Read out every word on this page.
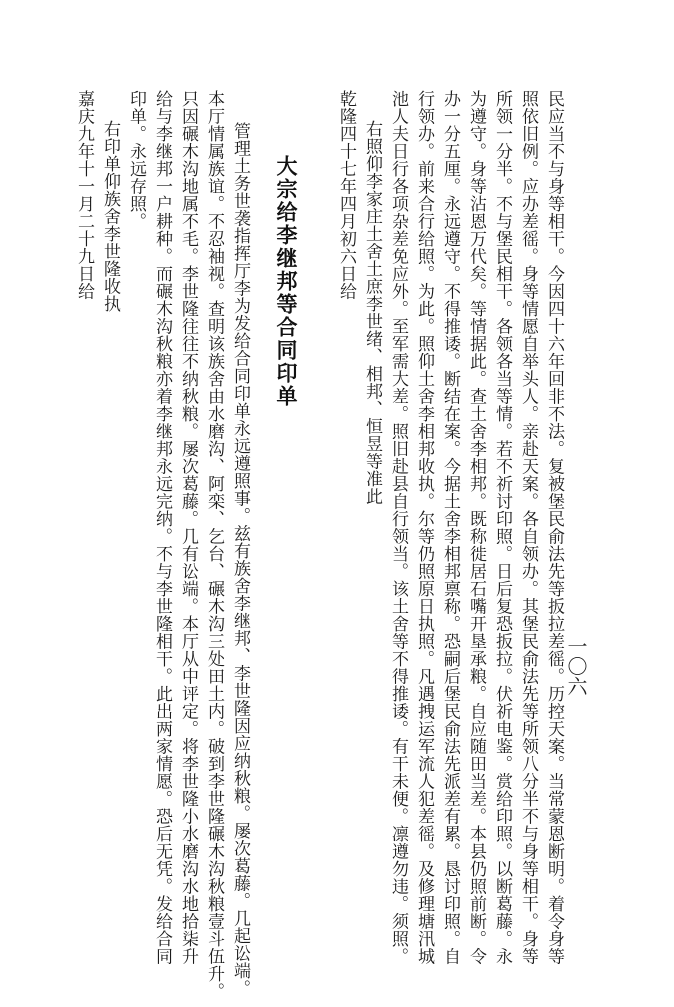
一〇六
民应当不与身等相干。今因四十六年回非不法。复被堡民俞法先等扳拉差徭。历控天案。当常蒙恩断明。着令身等
照依旧例。应办差徭。身等情愿自举头人。亲赴天案。各自领办。其堡民俞法先等所领八分半不与身等相干。身等
所领一分半。不与堡民相干。各领各当等情。若不祈讨印照。日后复恐扳拉。伏祈电鉴。赏给印照。以断葛藤。永
为遵守。身等沾恩万代矣。等情据此。查土舍李相邦。既称徙居石嘴开垦承粮。自应随田当差。本县仍照前断。令
办一分五厘。永远遵守。不得推诿。断结在案。今据土舍李相邦禀称。恐嗣后堡民俞法先派差有累。恳讨印照。自
行领办。前来合行给照。为此。照仰土舍李相邦收执。尔等仍照原日执照。凡遇拽运军流人犯差徭。及修理塘汛城
池人夫日行各项杂差免应外。至军需大差。照旧赴县自行领当。该土舍等不得推诿。有干未便。凛遵勿违。须照。
右照仰李家庄土舍土庶李世绪、相邦、恒昱等准此
乾隆四十七年四月初六日给
大宗给李继邦等合同印单
管理土务世袭指挥厅李为发给合同印单永远遵照事。兹有族舍李继邦、李世隆因应纳秋粮。屡次葛藤。几起讼端。
本厅情属族谊。不忍袖视。查明该族舍由水磨沟、阿栾、乞台、碾木沟三处田土内。破到李世隆碾木沟秋粮壹斗伍升。
只因碾木沟地属不毛。李世隆往往不纳秋粮。屡次葛藤。几有讼端。本厅从中评定。将李世隆小水磨沟水地拾柒升
给与李继邦一户耕种。而碾木沟秋粮亦着李继邦永远完纳。不与李世隆相干。此出两家情愿。恐后无凭。发给合同
印单。永远存照。
右印单仰族舍李世隆收执
嘉庆九年十一月二十九日给
